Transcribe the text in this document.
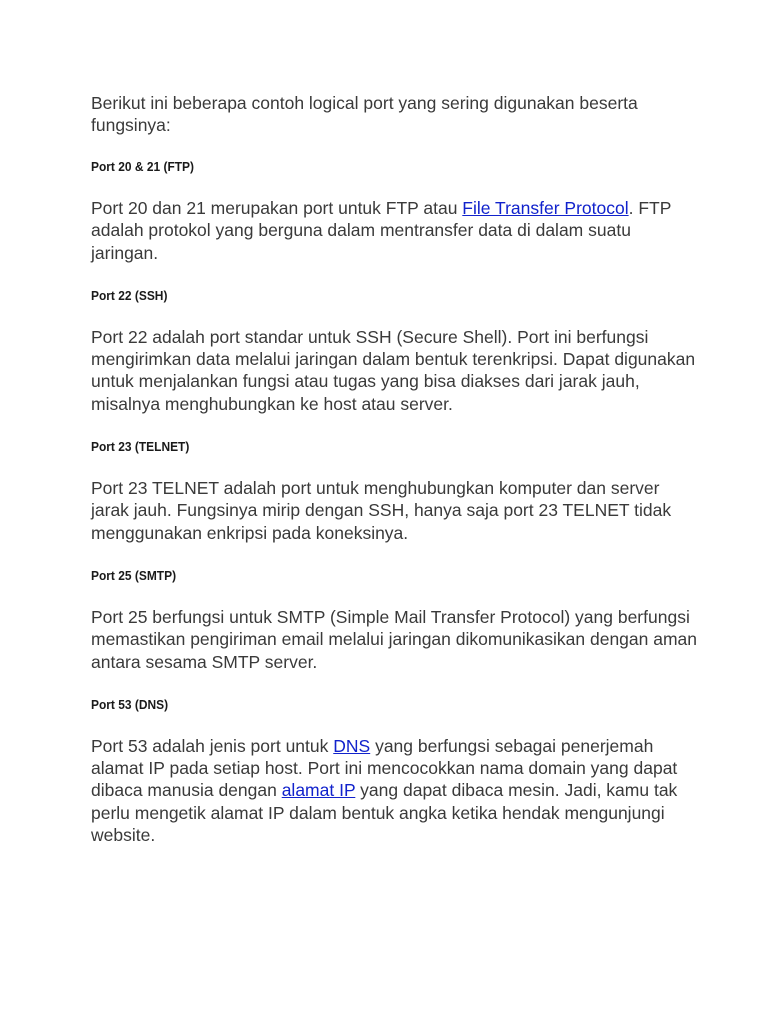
Berikut ini beberapa contoh logical port yang sering digunakan beserta fungsinya:

Port 20 & 21 (FTP)

Port 20 dan 21 merupakan port untuk FTP atau File Transfer Protocol. FTP adalah protokol yang berguna dalam mentransfer data di dalam suatu jaringan.

Port 22 (SSH)

Port 22 adalah port standar untuk SSH (Secure Shell). Port ini berfungsi mengirimkan data melalui jaringan dalam bentuk terenkripsi. Dapat digunakan untuk menjalankan fungsi atau tugas yang bisa diakses dari jarak jauh, misalnya menghubungkan ke host atau server.

Port 23 (TELNET)

Port 23 TELNET adalah port untuk menghubungkan komputer dan server jarak jauh. Fungsinya mirip dengan SSH, hanya saja port 23 TELNET tidak menggunakan enkripsi pada koneksinya.

Port 25 (SMTP)

Port 25 berfungsi untuk SMTP (Simple Mail Transfer Protocol) yang berfungsi memastikan pengiriman email melalui jaringan dikomunikasikan dengan aman antara sesama SMTP server.

Port 53 (DNS)

Port 53 adalah jenis port untuk DNS yang berfungsi sebagai penerjemah alamat IP pada setiap host. Port ini mencocokkan nama domain yang dapat dibaca manusia dengan alamat IP yang dapat dibaca mesin. Jadi, kamu tak perlu mengetik alamat IP dalam bentuk angka ketika hendak mengunjungi website.
